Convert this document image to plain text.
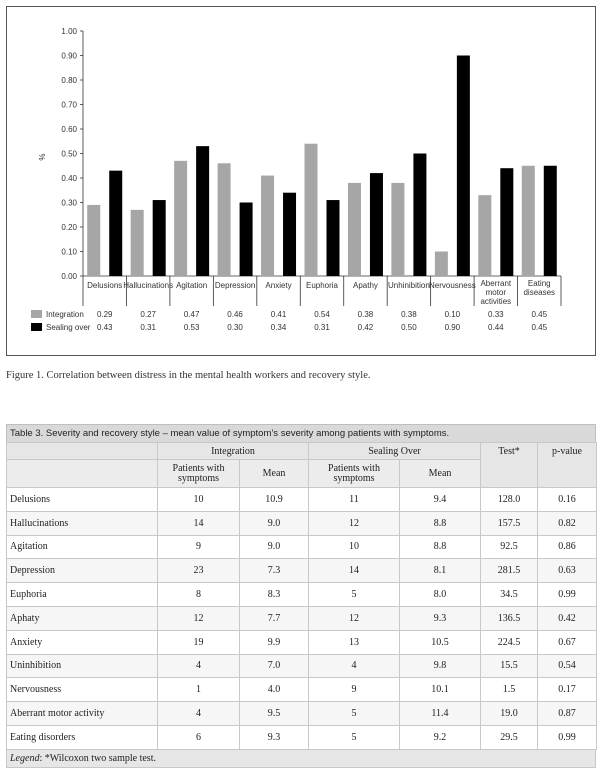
0.00
0.10
0.20
0.30
0.40
0.50
0.60
0.70
0.80
0.90
1.00
%
Delusions Hallucinations Agitation Depression Anxiety Euphoria Apathy Unhinibition Nervousness Aberrant
motor
activities
Eating
diseases
Integration 0.29	0.27	0.47	0.46	0.41	0.54	0.38	0.38	0.10	0.33	0.45
Sealing over 0.43	0.31	0.53	0.30	0.34	0.31	0.42	0.50	0.90	0.44	0.45
Figure 1. Correlation between distress in the mental health workers and recovery style.
Table 3. Severity and recovery style – mean value of symptom’s severity among patients with symptoms.
	Integration		Sealing Over		Test*	p-value
	Patients with symptoms	Mean	Patients with symptoms	Mean		
Delusions	10	10.9	11	9.4	128.0	0.16
Hallucinations	14	9.0	12	8.8	157.5	0.82
Agitation	9	9.0	10	8.8	92.5	0.86
Depression	23	7.3	14	8.1	281.5	0.63
Euphoria	8	8.3	5	8.0	34.5	0.99
Aphaty	12	7.7	12	9.3	136.5	0.42
Anxiety	19	9.9	13	10.5	224.5	0.67
Uninhibition	4	7.0	4	9.8	15.5	0.54
Nervousness	1	4.0	9	10.1	1.5	0.17
Aberrant motor activity	4	9.5	5	11.4	19.0	0.87
Eating disorders	6	9.3	5	9.2	29.5	0.99
Legend: *Wilcoxon two sample test.
